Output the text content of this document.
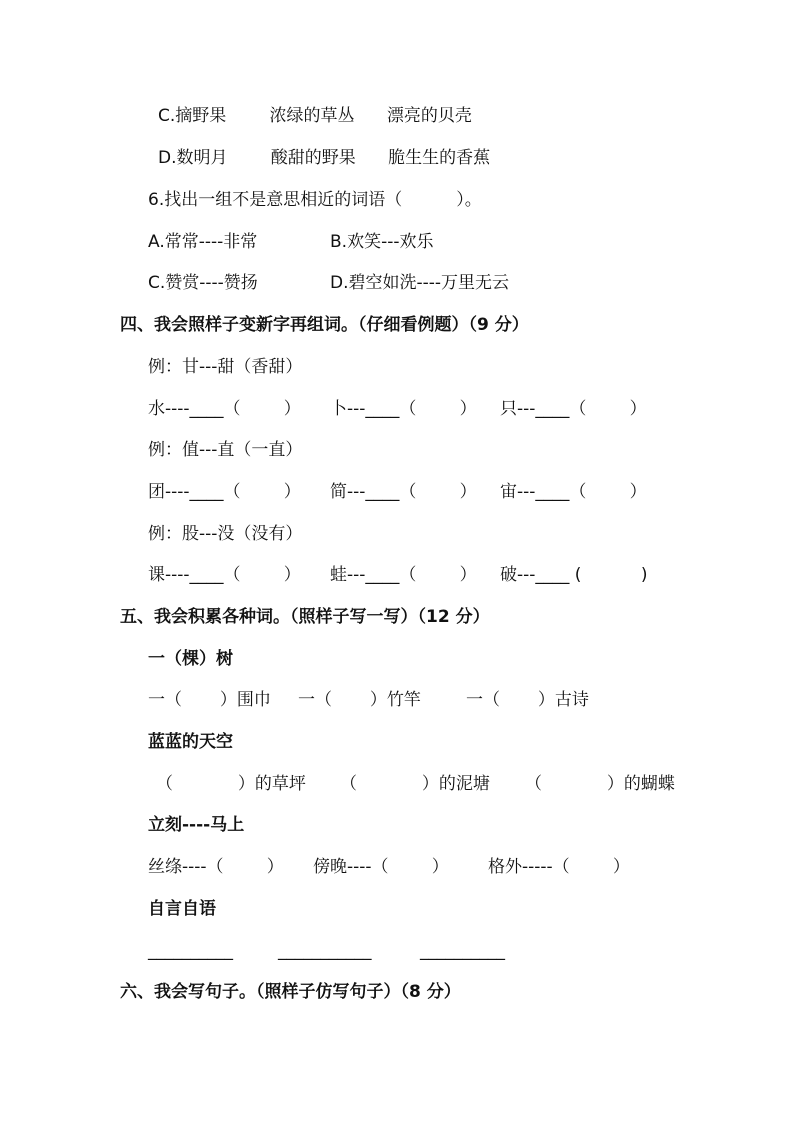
C.摘野果        浓绿的草丛      漂亮的贝壳
D.数明月        酸甜的野果      脆生生的香蕉
6.找出一组不是意思相近的词语（          ）。
A.常常----非常	B.欢笑---欢乐
C.赞赏----赞扬	D.碧空如洗----万里无云
四、我会照样子变新字再组词。（仔细看例题）（9 分）
例：甘---甜（香甜）
水----____（        ） 卜---____（        ） 只---____（        ）
例：值---直（一直）
团----____（        ） 简---____（        ） 宙---____（        ）
例：股---没（没有）
课----____（        ） 蛙---____（        ） 破---____ (           )
五、我会积累各种词。（照样子写一写）（12 分）
一（棵）树
一（       ）围巾 一（       ）竹竿	一（       ）古诗
蓝蓝的天空
（            ）的草坪 （            ）的泥塘 （            ）的蝴蝶
立刻----马上
丝绦----（        ） 傍晚----（        ） 格外-----（        ）
自言自语
__________	___________	__________
六、我会写句子。（照样子仿写句子）（8 分）
